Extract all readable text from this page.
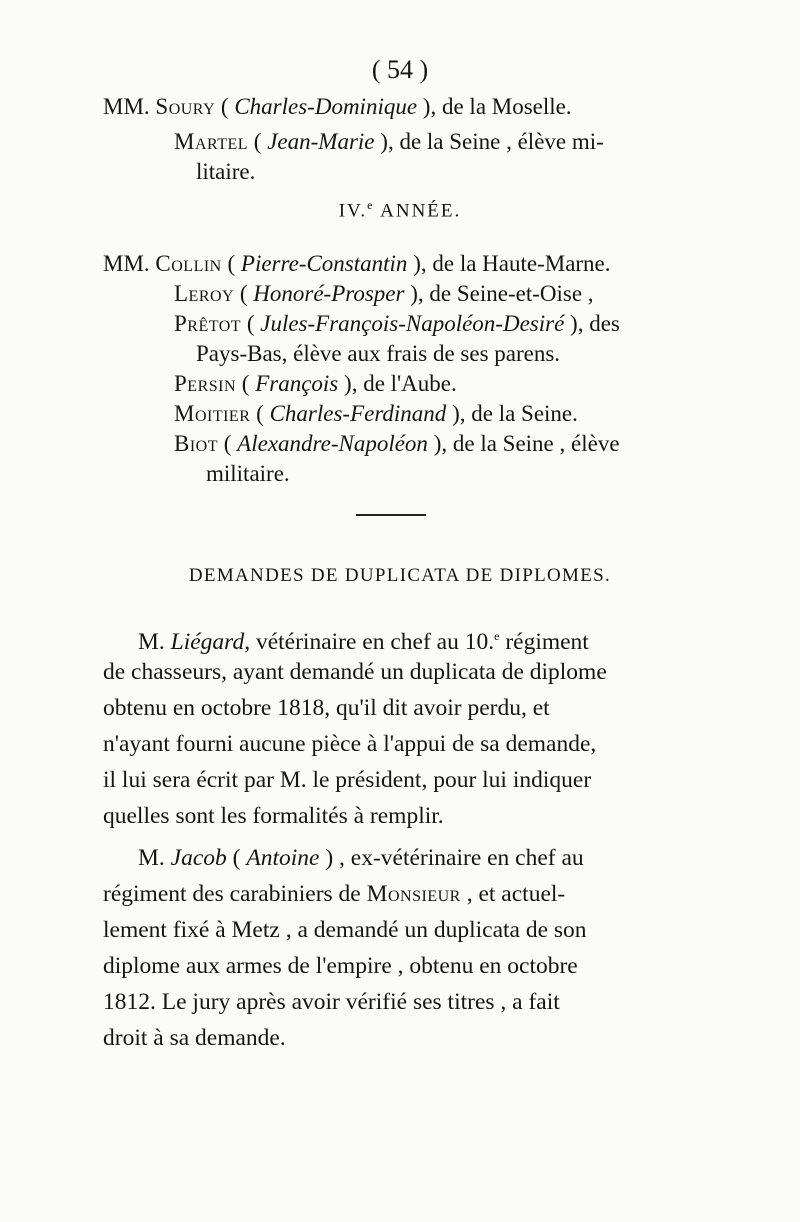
( 54 )
MM. Soury ( Charles-Dominique ), de la Moselle.
Martel ( Jean-Marie ), de la Seine , élève mi-
litaire.
IV.$^e$ ANNÉE.
MM. Collin ( Pierre-Constantin ), de la Haute-Marne.
Leroy ( Honoré-Prosper ), de Seine-et-Oise ,
Prêtot ( Jules-François-Napoléon-Desiré ), des
Pays-Bas, élève aux frais de ses parens.
Persin ( François ), de l'Aube.
Moitier ( Charles-Ferdinand ), de la Seine.
Biot ( Alexandre-Napoléon ), de la Seine , élève
militaire.
DEMANDES DE DUPLICATA DE DIPLOMES.
M. Liégard, vétérinaire en chef au 10.$^e$ régiment
de chasseurs, ayant demandé un duplicata de diplome
obtenu en octobre 1818, qu'il dit avoir perdu, et
n'ayant fourni aucune pièce à l'appui de sa demande,
il lui sera écrit par M. le président, pour lui indiquer
quelles sont les formalités à remplir.
M. Jacob ( Antoine ) , ex-vétérinaire en chef au
régiment des carabiniers de Monsieur , et actuel-
lement fixé à Metz , a demandé un duplicata de son
diplome aux armes de l'empire , obtenu en octobre
1812. Le jury après avoir vérifié ses titres , a fait
droit à sa demande.
